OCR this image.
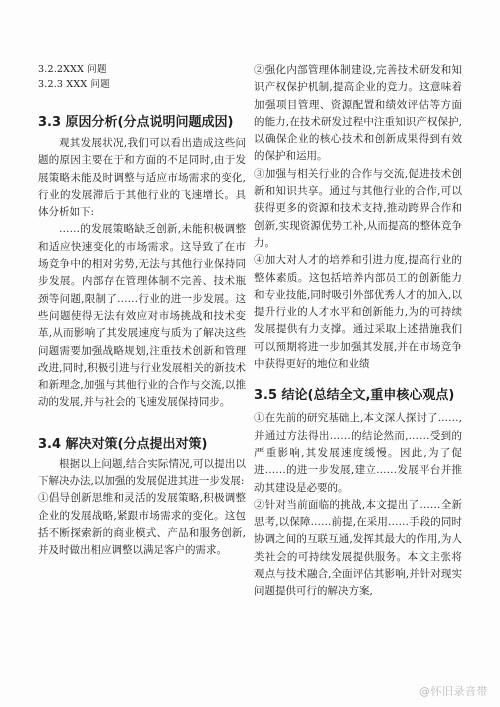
3.2.2XXX 问题

3.2.3 XXX 问题

3.3 原因分析(分点说明问题成因)

观其发展状况,我们可以看出造成这些问题的原因主要在于和方面的不足同时,由于发展策略未能及时调整与适应市场需求的变化,行业的发展滞后于其他行业的飞速增长。具体分析如下:

……的发展策略缺乏创新,未能积极调整和适应快速变化的市场需求。这导致了在市场竞争中的相对劣势,无法与其他行业保持同步发展。内部存在管理体制不完善、技术瓶颈等问题,限制了……行业的进一步发展。这些问题使得无法有效应对市场挑战和技术变革,从而影响了其发展速度与质为了解决这些问题需要加强战略规划,注重技术创新和管理改进,同时,积极引进与行业发展相关的新技术和新理念,加强与其他行业的合作与交流,以推动的发展,并与社会的飞速发展保持同步。

3.4 解决对策(分点提出对策)

根据以上问题,结合实际情况,可以提出以下解决办法,以加强的发展促进其进一步发展:

①倡导创新思维和灵活的发展策略,积极调整企业的发展战略,紧跟市场需求的变化。这包括不断探索新的商业模式、产品和服务创新,并及时做出相应调整以满足客户的需求。

②强化内部管理体制建设,完善技术研发和知识产权保护机制,提高企业的竞力。这意味着加强项目管理、资源配置和绩效评估等方面的能力,在技术研发过程中注重知识产权保护,以确保企业的核心技术和创新成果得到有效的保护和运用。

③加强与相关行业的合作与交流,促进技术创新和知识共享。通过与其他行业的合作,可以获得更多的资源和技术支持,推动跨界合作和创新,实现资源优势工补,从而提高的整体竞争力。

④加大对人才的培养和引进力度,提高行业的整体素质。这包括培养内部员工的创新能力和专业技能,同时吸引外部优秀人才的加入,以提升行业的人才水平和创新能力,为的可持续发展提供有力支撑。通过采取上述措施我们可以预期将进一步加强其发展,并在市场竞争中获得更好的地位和业绩

3.5 结论(总结全文,重申核心观点)

①在先前的研究基础上,本文深人探讨了……,并通过方法得出……的结论然而,……受到的严重影响,其发展速度缓慢。因此,为了促进……的进一步发展,建立……发展平台并推动其建设是必要的。

②针对当前面临的挑战,本文提出了……全新思考,以保障……前提,在采用……手段的同时协调之间的互联互通,发挥其最大的作用,为人类社会的可持续发展提供服务。本文主张将观点与技术融合,全面评估其影响,并针对现实问题提供可行的解决方案,

@怀旧录音带
